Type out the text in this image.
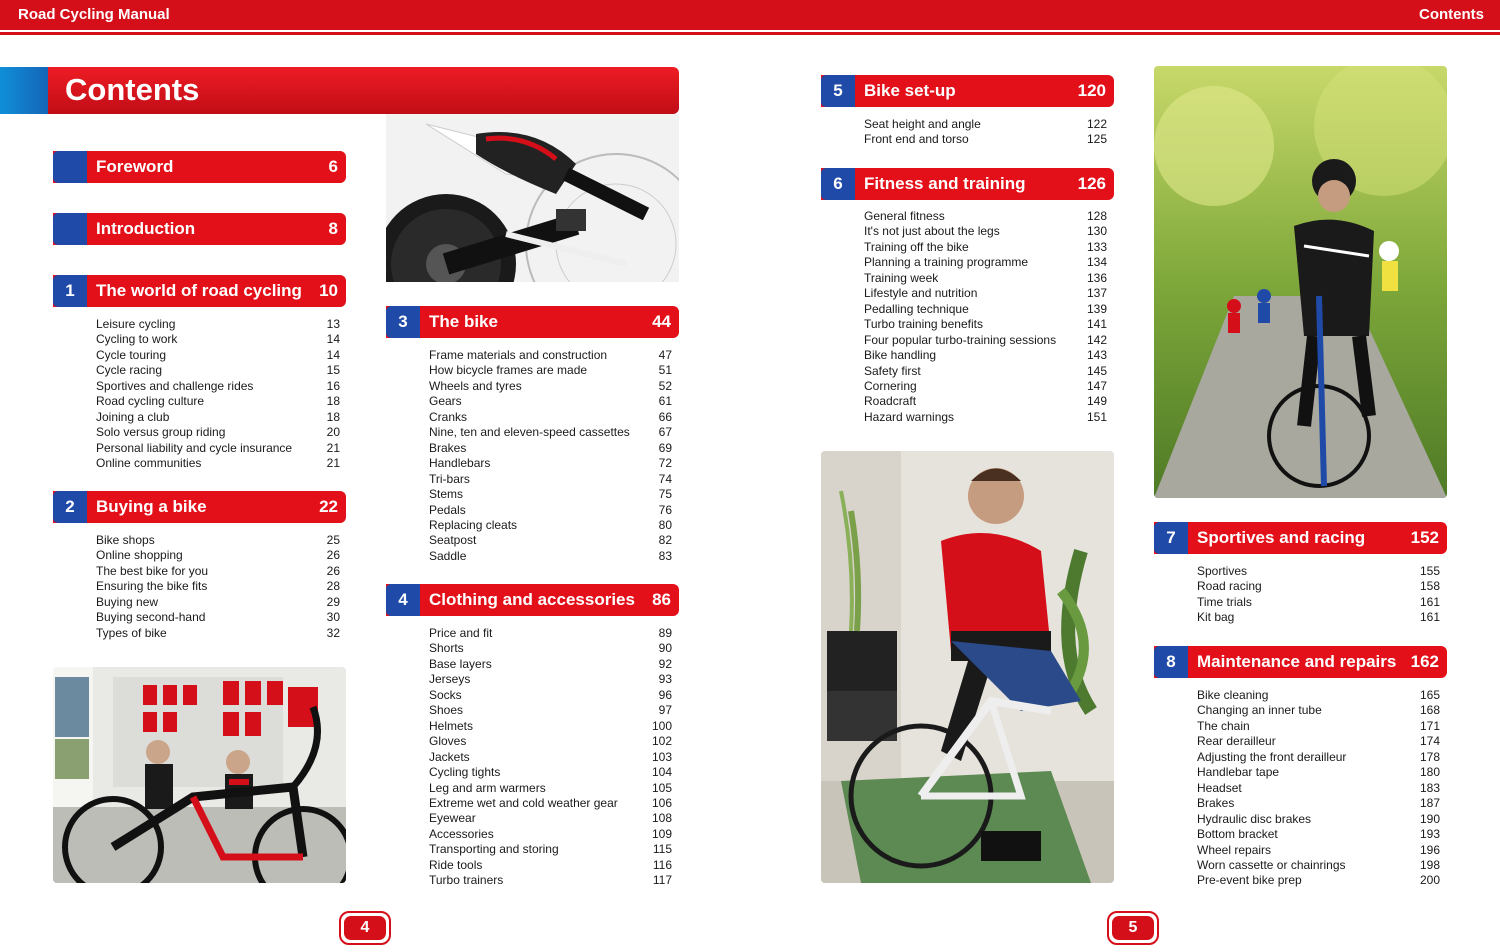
Road Cycling Manual	Contents
Contents
Foreword	6
Introduction	8
1	The world of road cycling 10
Leisure cycling	13
Cycling to work	14
Cycle touring	14
Cycle racing	15
Sportives and challenge rides	16
Road cycling culture	18
Joining a club	18
Solo versus group riding	20
Personal liability and cycle insurance	21
Online communities	21
2	Buying a bike	22
Bike shops	25
Online shopping	26
The best bike for you	26
Ensuring the bike fits	28
Buying new	29
Buying second-hand	30
Types of bike	32
3	The bike	44
Frame materials and construction	47
How bicycle frames are made	51
Wheels and tyres	52
Gears	61
Cranks	66
Nine, ten and eleven-speed cassettes 67
Brakes	69
Handlebars	72
Tri-bars	74
Stems	75
Pedals	76
Replacing cleats	80
Seatpost	82
Saddle	83
4	Clothing and accessories 86
Price and fit	89
Shorts	90
Base layers	92
Jerseys	93
Socks	96
Shoes	97
Helmets	100
Gloves	102
Jackets	103
Cycling tights	104
Leg and arm warmers	105
Extreme wet and cold weather gear	106
Eyewear	108
Accessories	109
Transporting and storing	115
Ride tools	116
Turbo trainers	117
5	Bike set-up	120
Seat height and angle	122
Front end and torso	125
6	Fitness and training	126
General fitness	128
It's not just about the legs	130
Training off the bike	133
Planning a training programme	134
Training week	136
Lifestyle and nutrition	137
Pedalling technique	139
Turbo training benefits	141
Four popular turbo-training sessions	142
Bike handling	143
Safety first	145
Cornering	147
Roadcraft	149
Hazard warnings	151
7	Sportives and racing	152
Sportives	155
Road racing	158
Time trials	161
Kit bag	161
8	Maintenance and repairs 162
Bike cleaning	165
Changing an inner tube	168
The chain	171
Rear derailleur	174
Adjusting the front derailleur	178
Handlebar tape	180
Headset	183
Brakes	187
Hydraulic disc brakes	190
Bottom bracket	193
Wheel repairs	196
Worn cassette or chainrings	198
Pre-event bike prep	200
4	5
